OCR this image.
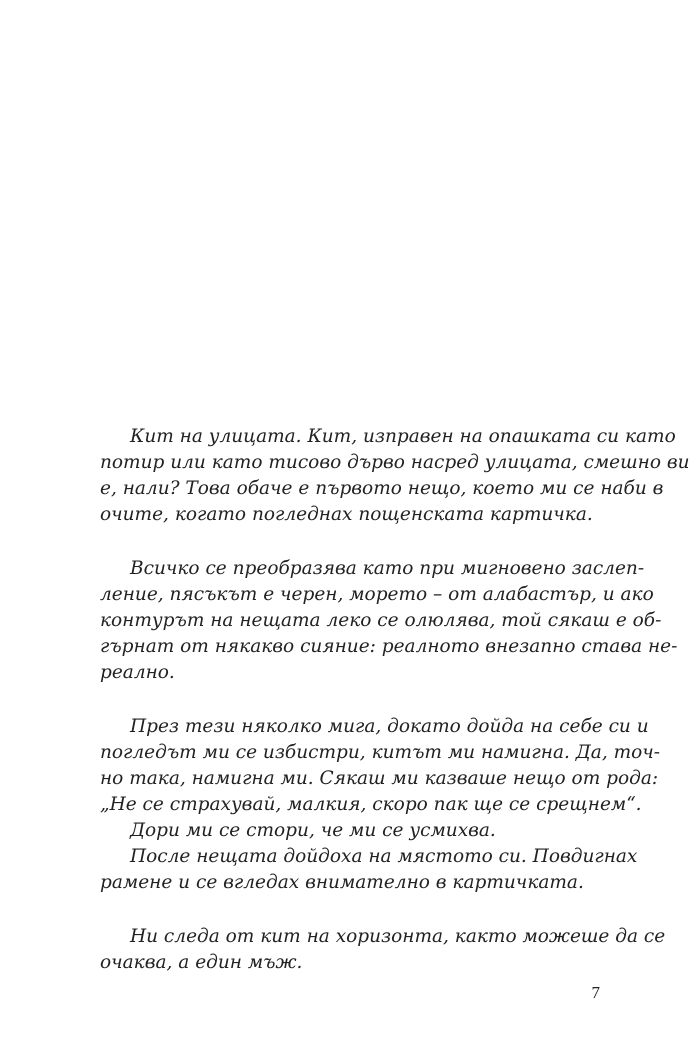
Кит на улицата. Кит, изправен на опашката си като
потир или като тисово дърво насред улицата, смешно ви
е, нали? Това обаче е първото нещо, което ми се наби в
очите, когато погледнах пощенската картичка.
Всичко се преобразява като при мигновено заслеп-
ление, пясъкът е черен, морето – от алабастър, и ако
контурът на нещата леко се олюлява, той сякаш е об-
гърнат от някакво сияние: реалното внезапно става не-
реално.
През тези няколко мига, докато дойда на себе си и
погледът ми се избистри, китът ми намигна. Да, точ-
но така, намигна ми. Сякаш ми казваше нещо от рода:
„Не се страхувай, малкия, скоро пак ще се срещнем“.
Дори ми се стори, че ми се усмихва.
После нещата дойдоха на мястото си. Повдигнах
рамене и се вгледах внимателно в картичката.
Ни следа от кит на хоризонта, както можеше да се
очаква, а един мъж.
7
